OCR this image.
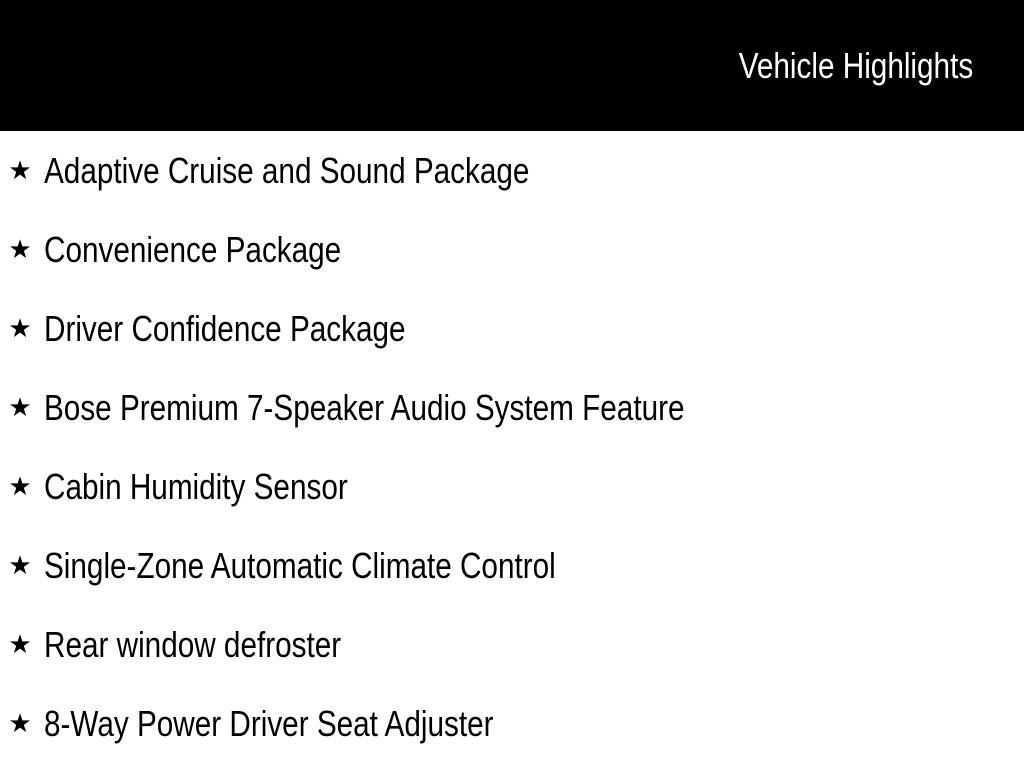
Vehicle Highlights
★ Adaptive Cruise and Sound Package
★ Convenience Package
★ Driver Confidence Package
★ Bose Premium 7-Speaker Audio System Feature
★ Cabin Humidity Sensor
★ Single-Zone Automatic Climate Control
★ Rear window defroster
★ 8-Way Power Driver Seat Adjuster
